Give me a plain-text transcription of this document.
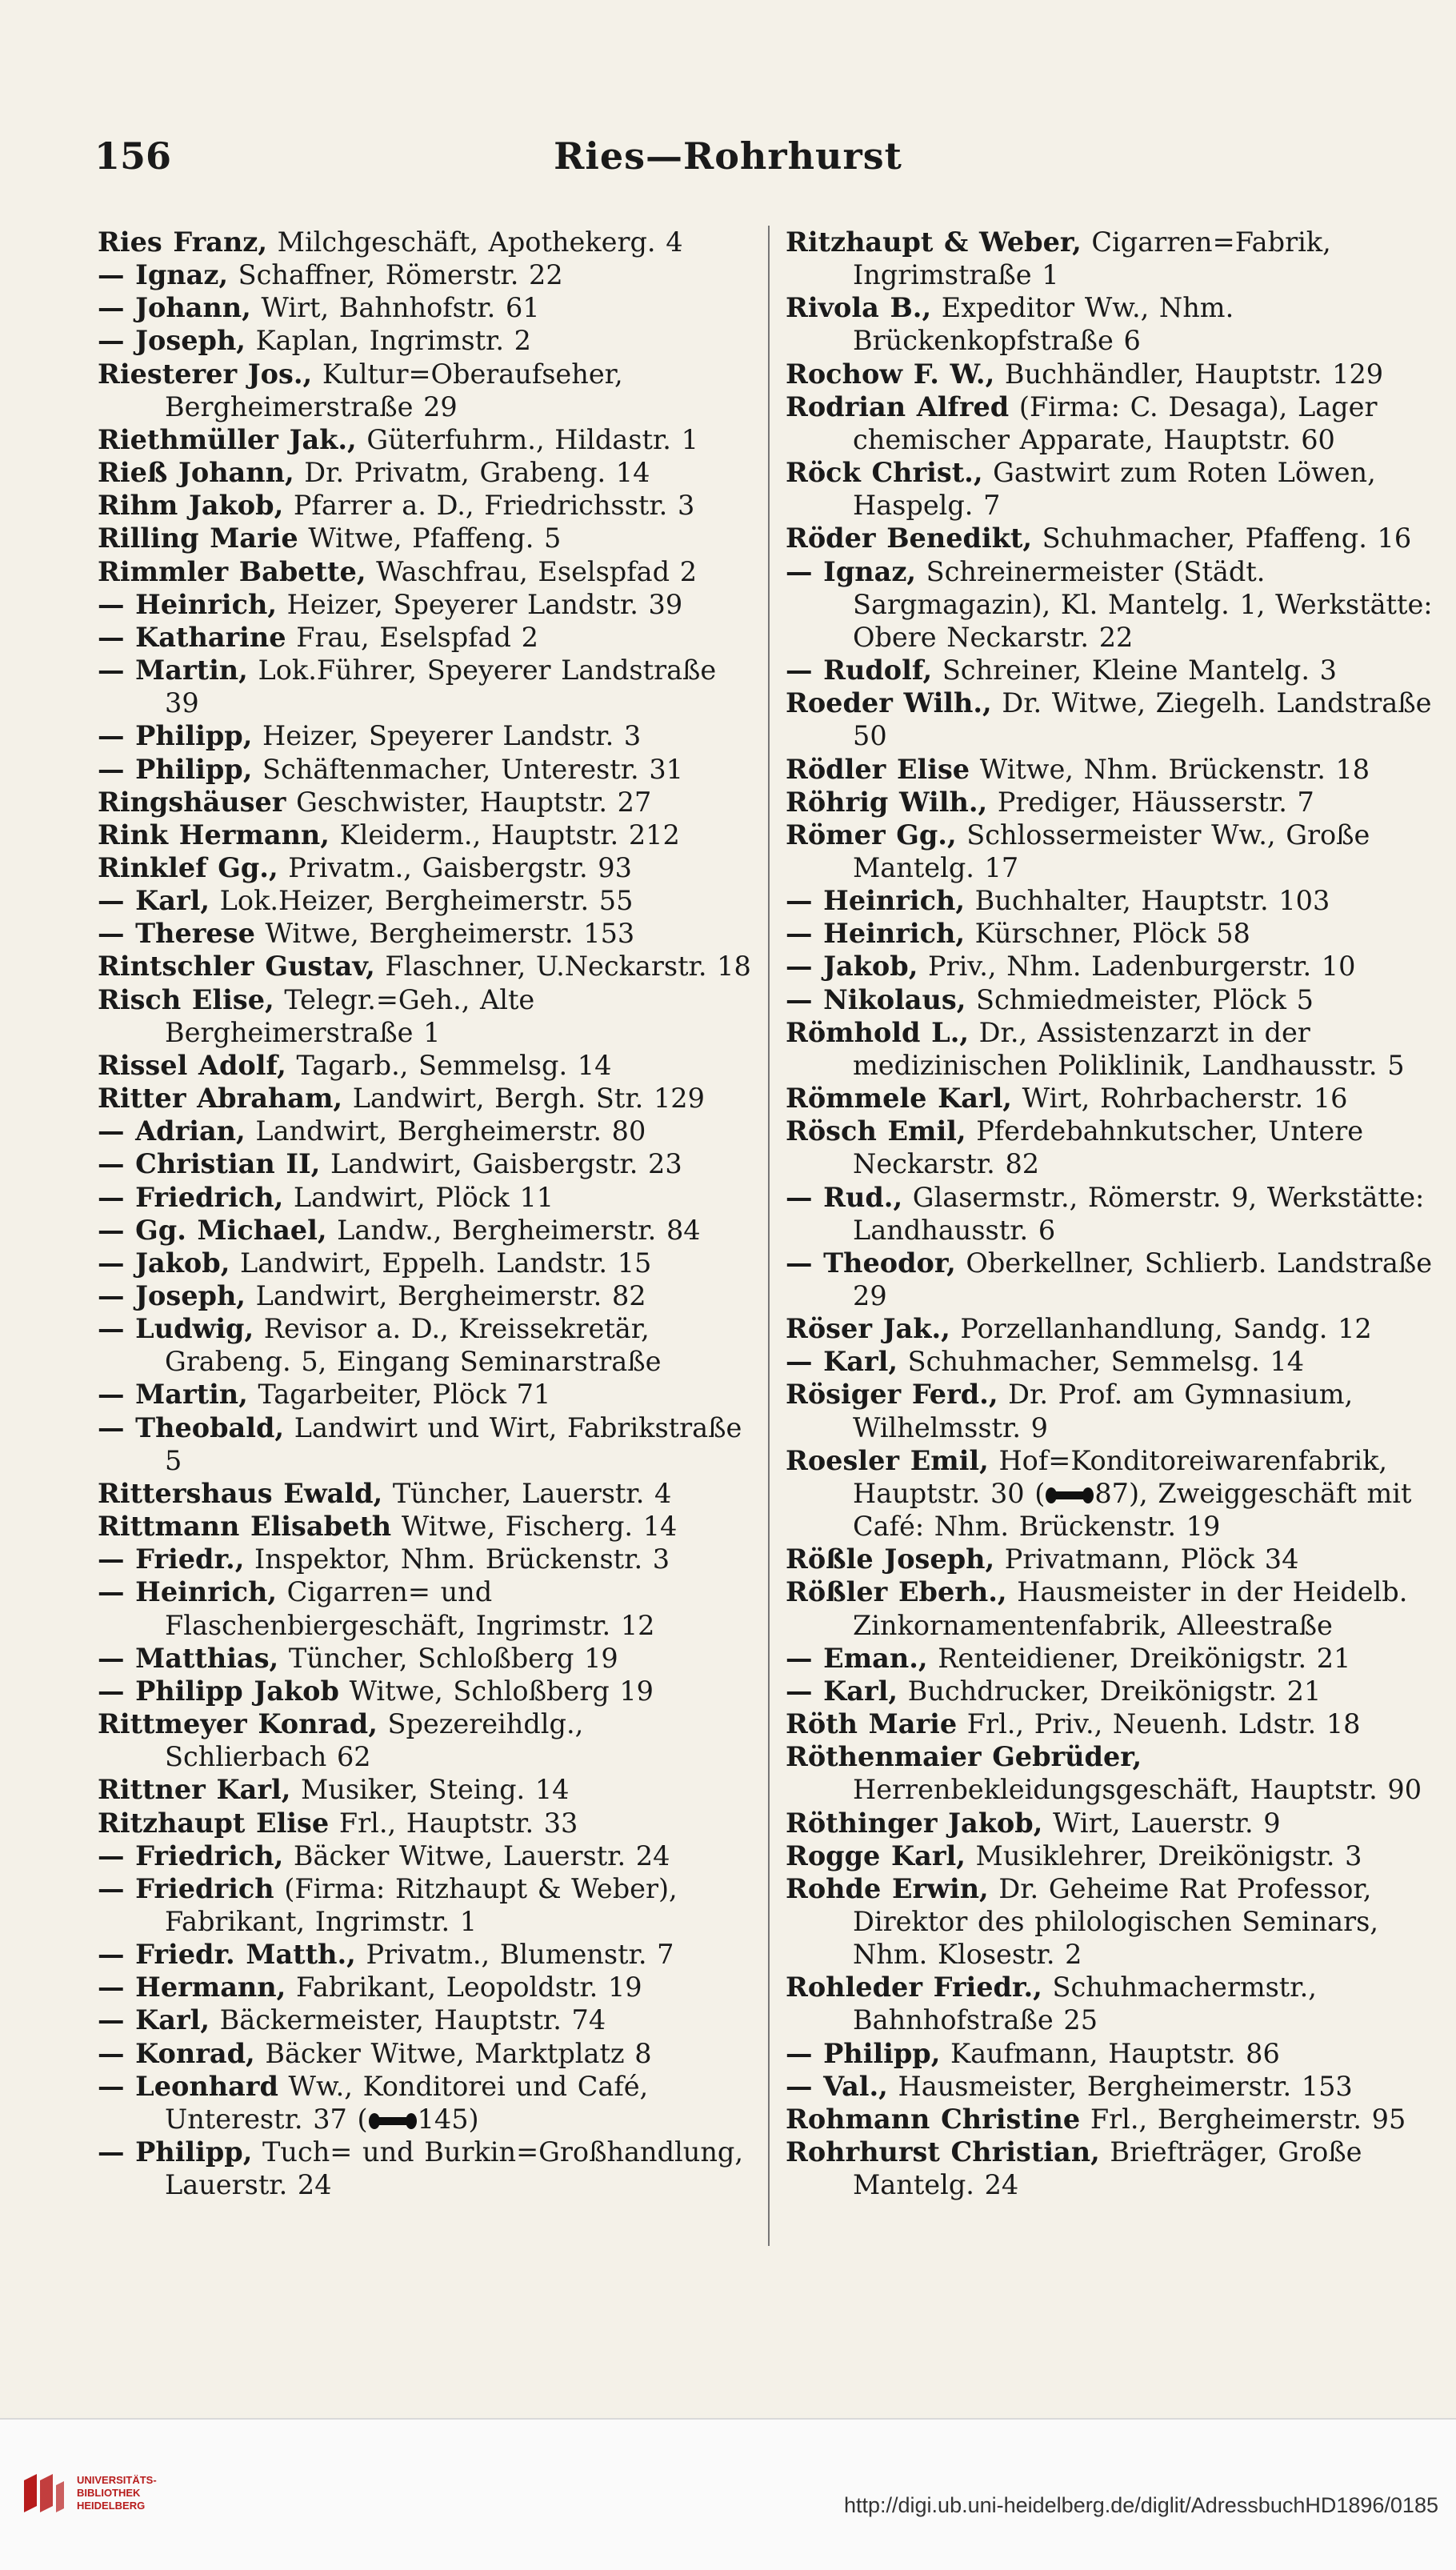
156	Ries—Rohrhurst
Ries Franz, Milchgeschäft, Apothekerg. 4
— Ignaz, Schaffner, Römerstr. 22
— Johann, Wirt, Bahnhofstr. 61
— Joseph, Kaplan, Ingrimstr. 2
Riesterer Jos., Kultur=Oberaufseher, Bergheimerstraße 29
Riethmüller Jak., Güterfuhrm., Hildastr. 1
Rieß Johann, Dr. Privatm, Grabeng. 14
Rihm Jakob, Pfarrer a. D., Friedrichsstr. 3
Rilling Marie Witwe, Pfaffeng. 5
Rimmler Babette, Waschfrau, Eselspfad 2
— Heinrich, Heizer, Speyerer Landstr. 39
— Katharine Frau, Eselspfad 2
— Martin, Lok.Führer, Speyerer Landstraße 39
— Philipp, Heizer, Speyerer Landstr. 3
— Philipp, Schäftenmacher, Unterestr. 31
Ringshäuser Geschwister, Hauptstr. 27
Rink Hermann, Kleiderm., Hauptstr. 212
Rinklef Gg., Privatm., Gaisbergstr. 93
— Karl, Lok.Heizer, Bergheimerstr. 55
— Therese Witwe, Bergheimerstr. 153
Rintschler Gustav, Flaschner, U.Neckarstr. 18
Risch Elise, Telegr.=Geh., Alte Bergheimerstraße 1
Rissel Adolf, Tagarb., Semmelsg. 14
Ritter Abraham, Landwirt, Bergh. Str. 129
— Adrian, Landwirt, Bergheimerstr. 80
— Christian II, Landwirt, Gaisbergstr. 23
— Friedrich, Landwirt, Plöck 11
— Gg. Michael, Landw., Bergheimerstr. 84
— Jakob, Landwirt, Eppelh. Landstr. 15
— Joseph, Landwirt, Bergheimerstr. 82
— Ludwig, Revisor a. D., Kreissekretär, Grabeng. 5, Eingang Seminarstraße
— Martin, Tagarbeiter, Plöck 71
— Theobald, Landwirt und Wirt, Fabrikstraße 5
Rittershaus Ewald, Tüncher, Lauerstr. 4
Rittmann Elisabeth Witwe, Fischerg. 14
— Friedr., Inspektor, Nhm. Brückenstr. 3
— Heinrich, Cigarren= und Flaschenbiergeschäft, Ingrimstr. 12
— Matthias, Tüncher, Schloßberg 19
— Philipp Jakob Witwe, Schloßberg 19
Rittmeyer Konrad, Spezereihdlg., Schlierbach 62
Rittner Karl, Musiker, Steing. 14
Ritzhaupt Elise Frl., Hauptstr. 33
— Friedrich, Bäcker Witwe, Lauerstr. 24
— Friedrich (Firma: Ritzhaupt & Weber), Fabrikant, Ingrimstr. 1
— Friedr. Matth., Privatm., Blumenstr. 7
— Hermann, Fabrikant, Leopoldstr. 19
— Karl, Bäckermeister, Hauptstr. 74
— Konrad, Bäcker Witwe, Marktplatz 8
— Leonhard Ww., Konditorei und Café, Unterestr. 37 ( 145)
— Philipp, Tuch= und Burkin=Großhandlung, Lauerstr. 24
Ritzhaupt & Weber, Cigarren=Fabrik, Ingrimstraße 1
Rivola B., Expeditor Ww., Nhm. Brückenkopfstraße 6
Rochow F. W., Buchhändler, Hauptstr. 129
Rodrian Alfred (Firma: C. Desaga), Lager chemischer Apparate, Hauptstr. 60
Röck Christ., Gastwirt zum Roten Löwen, Haspelg. 7
Röder Benedikt, Schuhmacher, Pfaffeng. 16
— Ignaz, Schreinermeister (Städt. Sargmagazin), Kl. Mantelg. 1, Werkstätte: Obere Neckarstr. 22
— Rudolf, Schreiner, Kleine Mantelg. 3
Roeder Wilh., Dr. Witwe, Ziegelh. Landstraße 50
Rödler Elise Witwe, Nhm. Brückenstr. 18
Röhrig Wilh., Prediger, Häusserstr. 7
Römer Gg., Schlossermeister Ww., Große Mantelg. 17
— Heinrich, Buchhalter, Hauptstr. 103
— Heinrich, Kürschner, Plöck 58
— Jakob, Priv., Nhm. Ladenburgerstr. 10
— Nikolaus, Schmiedmeister, Plöck 5
Römhold L., Dr., Assistenzarzt in der medizinischen Poliklinik, Landhausstr. 5
Römmele Karl, Wirt, Rohrbacherstr. 16
Rösch Emil, Pferdebahnkutscher, Untere Neckarstr. 82
— Rud., Glasermstr., Römerstr. 9, Werkstätte: Landhausstr. 6
— Theodor, Oberkellner, Schlierb. Landstraße 29
Röser Jak., Porzellanhandlung, Sandg. 12
— Karl, Schuhmacher, Semmelsg. 14
Rösiger Ferd., Dr. Prof. am Gymnasium, Wilhelmsstr. 9
Roesler Emil, Hof=Konditoreiwarenfabrik, Hauptstr. 30 ( 87), Zweiggeschäft mit Café: Nhm. Brückenstr. 19
Rößle Joseph, Privatmann, Plöck 34
Rößler Eberh., Hausmeister in der Heidelb. Zinkornamentenfabrik, Alleestraße
— Eman., Renteidiener, Dreikönigstr. 21
— Karl, Buchdrucker, Dreikönigstr. 21
Röth Marie Frl., Priv., Neuenh. Ldstr. 18
Röthenmaier Gebrüder, Herrenbekleidungsgeschäft, Hauptstr. 90
Röthinger Jakob, Wirt, Lauerstr. 9
Rogge Karl, Musiklehrer, Dreikönigstr. 3
Rohde Erwin, Dr. Geheime Rat Professor, Direktor des philologischen Seminars, Nhm. Klosestr. 2
Rohleder Friedr., Schuhmachermstr., Bahnhofstraße 25
— Philipp, Kaufmann, Hauptstr. 86
— Val., Hausmeister, Bergheimerstr. 153
Rohmann Christine Frl., Bergheimerstr. 95
Rohrhurst Christian, Briefträger, Große Mantelg. 24
UNIVERSITÄTS-
BIBLIOTHEK
HEIDELBERG	http://digi.ub.uni-heidelberg.de/diglit/AdressbuchHD1896/0185
